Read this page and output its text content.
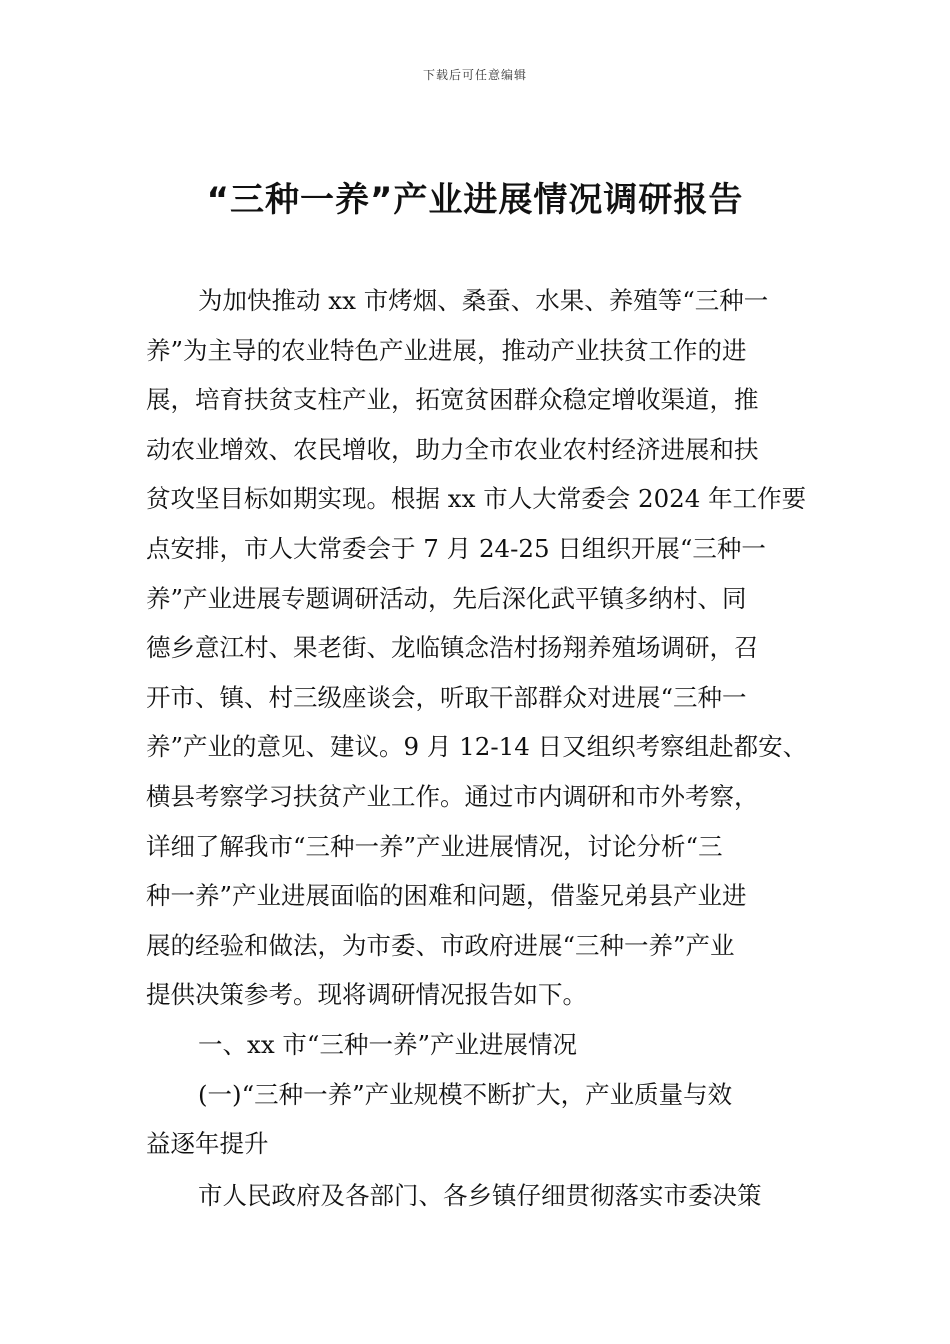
下载后可任意编辑
“三种一养”产业进展情况调研报告

为加快推动 xx 市烤烟、桑蚕、水果、养殖等“三种一

养”为主导的农业特色产业进展，推动产业扶贫工作的进

展，培育扶贫支柱产业，拓宽贫困群众稳定增收渠道，推

动农业增效、农民增收，助力全市农业农村经济进展和扶

贫攻坚目标如期实现。根据 xx 市人大常委会 2024 年工作要

点安排，市人大常委会于 7 月 24-25 日组织开展“三种一

养”产业进展专题调研活动，先后深化武平镇多纳村、同

德乡意江村、果老街、龙临镇念浩村扬翔养殖场调研，召

开市、镇、村三级座谈会，听取干部群众对进展“三种一

养”产业的意见、建议。9 月 12-14 日又组织考察组赴都安、

横县考察学习扶贫产业工作。通过市内调研和市外考察，

详细了解我市“三种一养”产业进展情况，讨论分析“三

种一养”产业进展面临的困难和问题，借鉴兄弟县产业进

展的经验和做法，为市委、市政府进展“三种一养”产业

提供决策参考。现将调研情况报告如下。

一、xx 市“三种一养”产业进展情况

(一)“三种一养”产业规模不断扩大，产业质量与效

益逐年提升

市人民政府及各部门、各乡镇仔细贯彻落实市委决策
